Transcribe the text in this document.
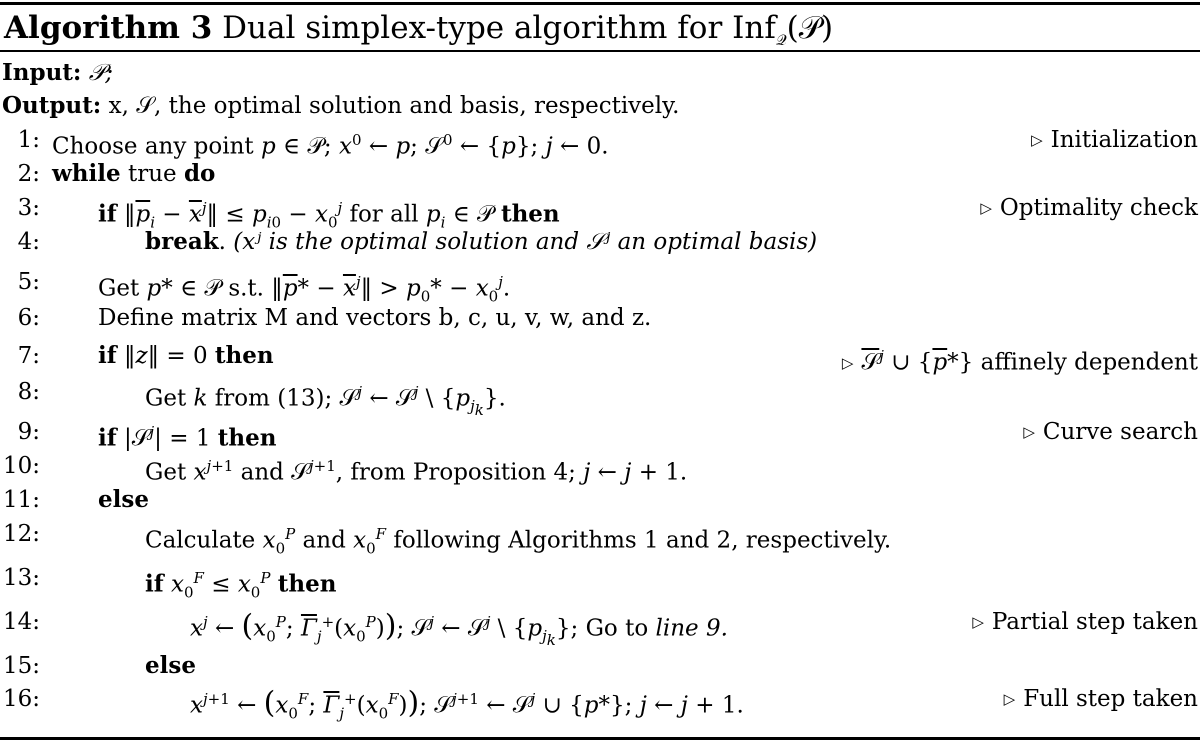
Algorithm 3 Dual simplex-type algorithm for Inf$_𝒬$(𝒫)
Input: 𝒫;
Output: x, 𝒮, the optimal solution and basis, respectively.
1: Choose any point p ∈ 𝒫; $x^0$ ← p; 𝒮$^0$ ← {p}; j ← 0.	▷ Initialization
2: while true do
3:	if $‖\overline{p}_i$ − $\overline{x}^j‖ \le p_{i0} - x_0^j$ for all $p_i$ ∈ 𝒫 then	▷ Optimality check
4:	break. (xʲ is the optimal solution and 𝒮ʲ an optimal basis)
5:	Get p* ∈ 𝒫 s.t. $‖\overline{p}*$ − $\overline{x}^j‖ > p_0* - x_0^j$.
6:	Define matrix M and vectors b, c, u, v, w, and z.
7:	if ‖z‖ = 0 then	▷ 𝒮$^j$ ∪ $\{\overline{p}*\}$ affinely dependent
8:	Get k from (13); 𝒮$^j$ ← 𝒮$^j$ \ $\{p_{j_k}\}$.
9:	if |𝒮$^j$| = 1 then	▷ Curve search
10:	Get $x^{j+1}$ and 𝒮$^{j+1}$, from Proposition 4; j ← j + 1.
11:	else
12:	Calculate $x_0^P$ and $x_0^F$ following Algorithms 1 and 2, respectively.
13:	if $x_0^F \le x_0^P$ then
14:	$x^j$ ← ($x_0^P$; $\overline{\Gamma}_j^+(x_0^P)$); 𝒮$^j$ ← 𝒮$^j$ \ $\{p_{j_k}\}$; Go to line 9.	▷ Partial step taken
15:	else
16:	$x^{j+1}$ ← ($x_0^F$; $\overline{\Gamma}_j^+(x_0^F)$); 𝒮$^{j+1}$ ← 𝒮$^j$ ∪ {p*}; j ← j + 1.	▷ Full step taken
